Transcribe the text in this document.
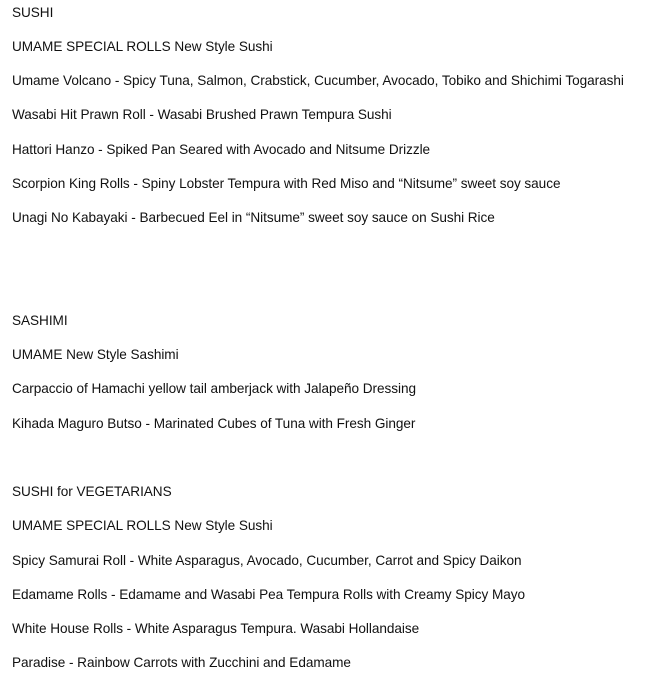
SUSHI
UMAME SPECIAL ROLLS New Style Sushi
Umame Volcano - Spicy Tuna, Salmon, Crabstick, Cucumber, Avocado, Tobiko and Shichimi Togarashi
Wasabi Hit Prawn Roll - Wasabi Brushed Prawn Tempura Sushi
Hattori Hanzo - Spiked Pan Seared with Avocado and Nitsume Drizzle
Scorpion King Rolls - Spiny Lobster Tempura with Red Miso and “Nitsume” sweet soy sauce
Unagi No Kabayaki - Barbecued Eel in “Nitsume” sweet soy sauce on Sushi Rice
SASHIMI
UMAME New Style Sashimi
Carpaccio of Hamachi yellow tail amberjack with Jalapeño Dressing
Kihada Maguro Butso - Marinated Cubes of Tuna with Fresh Ginger
SUSHI for VEGETARIANS
UMAME SPECIAL ROLLS New Style Sushi
Spicy Samurai Roll - White Asparagus, Avocado, Cucumber, Carrot and Spicy Daikon
Edamame Rolls - Edamame and Wasabi Pea Tempura Rolls with Creamy Spicy Mayo
White House Rolls - White Asparagus Tempura. Wasabi Hollandaise
Paradise - Rainbow Carrots with Zucchini and Edamame
